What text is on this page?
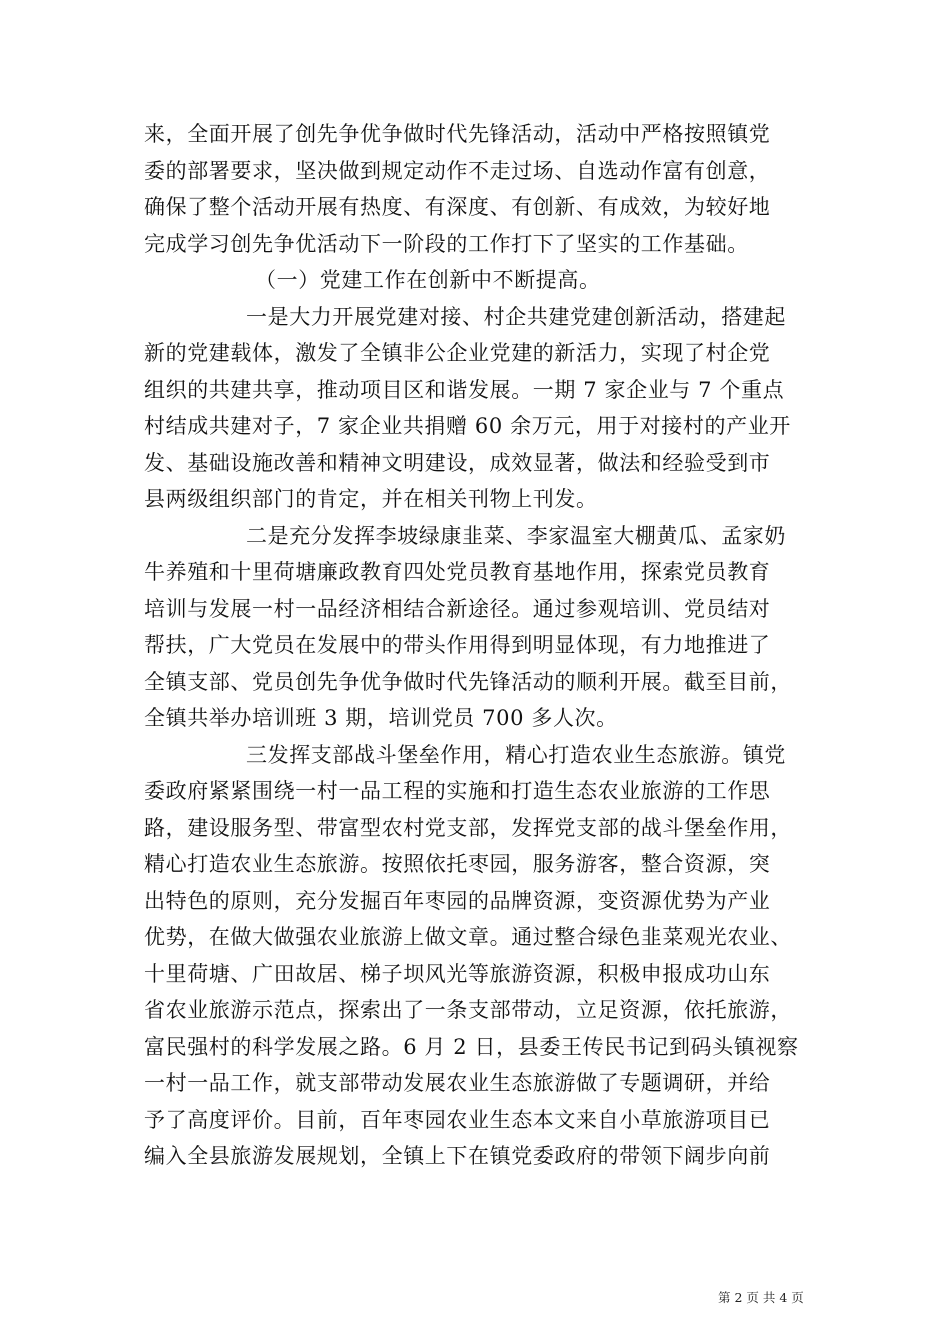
来，全面开展了创先争优争做时代先锋活动，活动中严格按照镇党
委的部署要求，坚决做到规定动作不走过场、自选动作富有创意，
确保了整个活动开展有热度、有深度、有创新、有成效，为较好地
完成学习创先争优活动下一阶段的工作打下了坚实的工作基础。
（一）党建工作在创新中不断提高。
一是大力开展党建对接、村企共建党建创新活动，搭建起
新的党建载体，激发了全镇非公企业党建的新活力，实现了村企党
组织的共建共享，推动项目区和谐发展。一期 7 家企业与 7 个重点
村结成共建对子，7 家企业共捐赠 60 余万元，用于对接村的产业开
发、基础设施改善和精神文明建设，成效显著，做法和经验受到市
县两级组织部门的肯定，并在相关刊物上刊发。
二是充分发挥李坡绿康韭菜、李家温室大棚黄瓜、孟家奶
牛养殖和十里荷塘廉政教育四处党员教育基地作用，探索党员教育
培训与发展一村一品经济相结合新途径。通过参观培训、党员结对
帮扶，广大党员在发展中的带头作用得到明显体现，有力地推进了
全镇支部、党员创先争优争做时代先锋活动的顺利开展。截至目前，
全镇共举办培训班 3 期，培训党员 700 多人次。
三发挥支部战斗堡垒作用，精心打造农业生态旅游。镇党
委政府紧紧围绕一村一品工程的实施和打造生态农业旅游的工作思
路，建设服务型、带富型农村党支部，发挥党支部的战斗堡垒作用，
精心打造农业生态旅游。按照依托枣园，服务游客，整合资源，突
出特色的原则，充分发掘百年枣园的品牌资源，变资源优势为产业
优势，在做大做强农业旅游上做文章。通过整合绿色韭菜观光农业、
十里荷塘、广田故居、梯子坝风光等旅游资源，积极申报成功山东
省农业旅游示范点，探索出了一条支部带动，立足资源，依托旅游，
富民强村的科学发展之路。6 月 2 日，县委王传民书记到码头镇视察
一村一品工作，就支部带动发展农业生态旅游做了专题调研，并给
予了高度评价。目前，百年枣园农业生态本文来自小草旅游项目已
编入全县旅游发展规划，全镇上下在镇党委政府的带领下阔步向前
第 2 页 共 4 页
